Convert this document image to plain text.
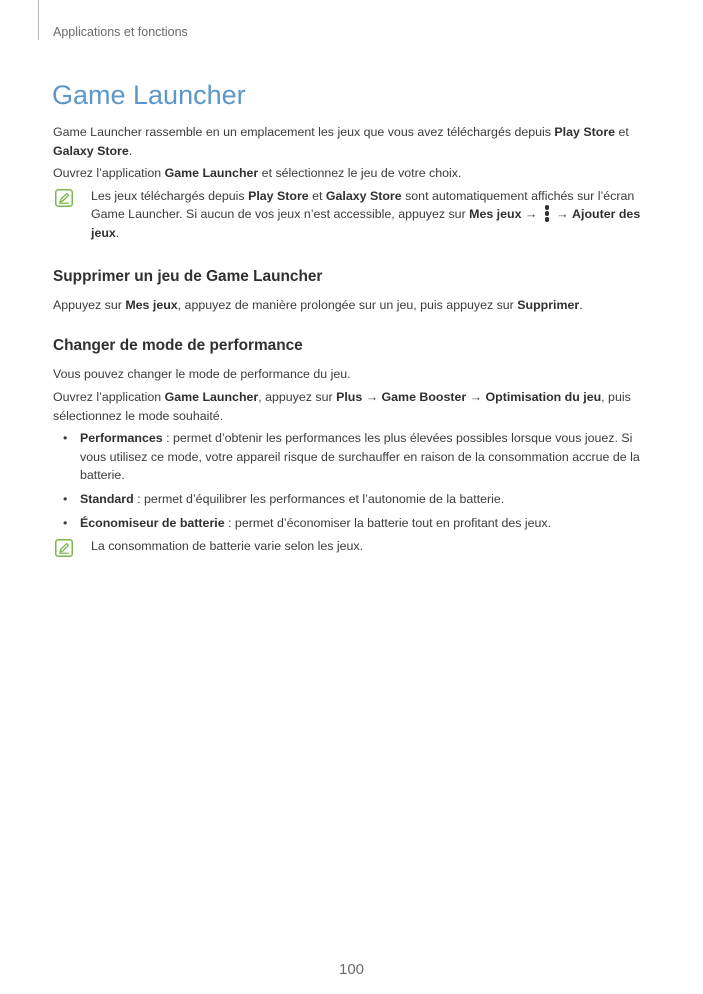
Applications et fonctions
Game Launcher

Game Launcher rassemble en un emplacement les jeux que vous avez téléchargés depuis Play Store et Galaxy Store.

Ouvrez l’application Game Launcher et sélectionnez le jeu de votre choix.

Les jeux téléchargés depuis Play Store et Galaxy Store sont automatiquement affichés sur l’écran Game Launcher. Si aucun de vos jeux n’est accessible, appuyez sur Mes jeux →
→ Ajouter des jeux.
Supprimer un jeu de Game Launcher

Appuyez sur Mes jeux, appuyez de manière prolongée sur un jeu, puis appuyez sur Supprimer.

Changer de mode de performance

Vous pouvez changer le mode de performance du jeu.

Ouvrez l’application Game Launcher, appuyez sur Plus → Game Booster → Optimisation du jeu, puis sélectionnez le mode souhaité.

• Performances : permet d’obtenir les performances les plus élevées possibles lorsque vous jouez. Si vous utilisez ce mode, votre appareil risque de surchauffer en raison de la consommation accrue de la batterie.
• Standard : permet d’équilibrer les performances et l’autonomie de la batterie.
• Économiseur de batterie : permet d’économiser la batterie tout en profitant des jeux.
La consommation de batterie varie selon les jeux.
100
